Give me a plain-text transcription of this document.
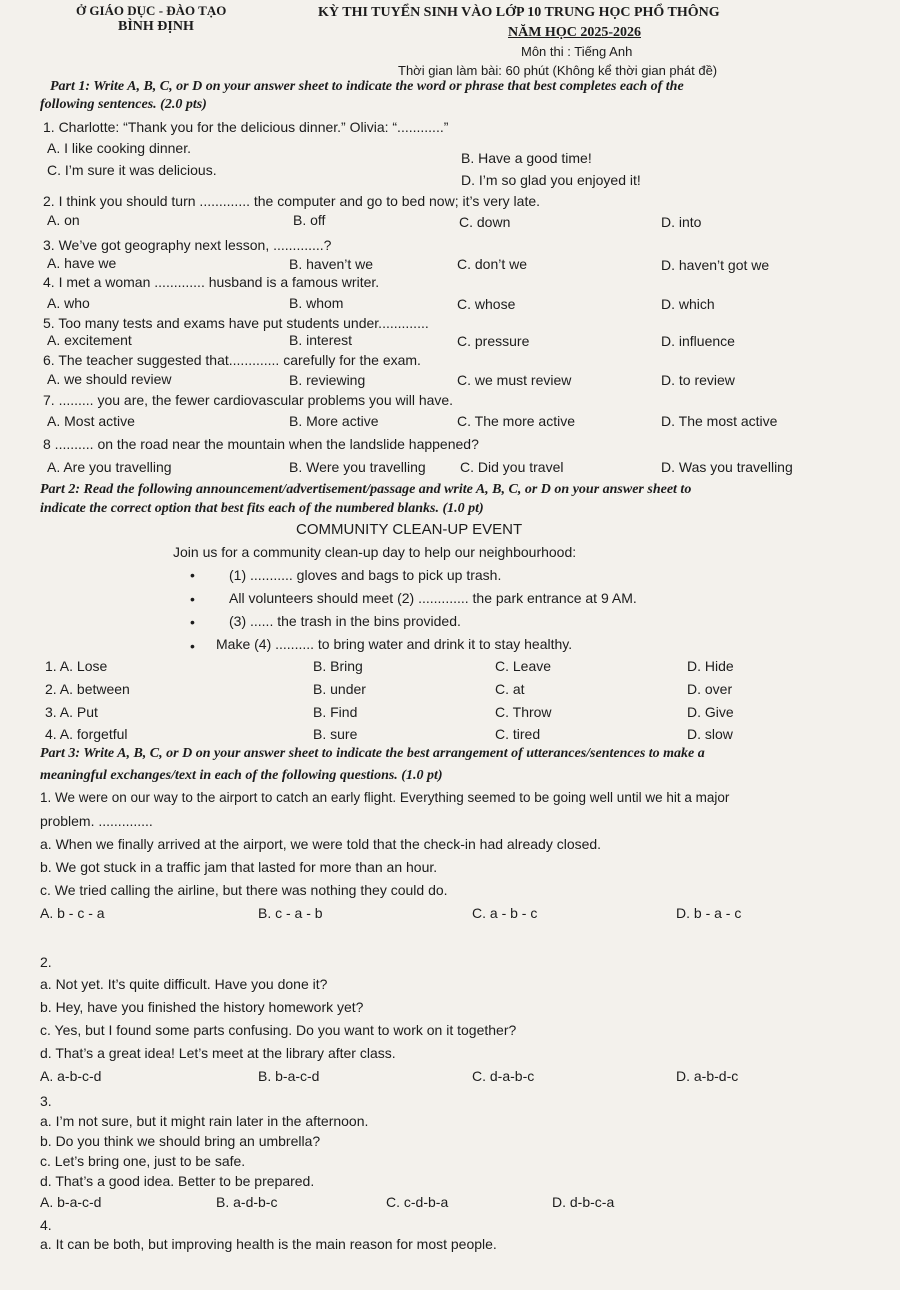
Ở GIÁO DỤC - ĐÀO TẠO
BÌNH ĐỊNH
KỲ THI TUYỂN SINH VÀO LỚP 10 TRUNG HỌC PHỔ THÔNG
NĂM HỌC 2025-2026
Môn thi : Tiếng Anh
Thời gian làm bài: 60 phút (Không kể thời gian phát đề)
Part 1: Write A, B, C, or D on your answer sheet to indicate the word or phrase that best completes each of the
following sentences. (2.0 pts)
1. Charlotte: “Thank you for the delicious dinner.” Olivia: “............”
A. I like cooking dinner.
B. Have a good time!
C. I’m sure it was delicious.
D. I’m so glad you enjoyed it!
2. I think you should turn ............. the computer and go to bed now; it’s very late.
A. on	B. off	C. down	D. into
3. We’ve got geography next lesson, .............?
A. have we	B. haven’t we	C. don’t we	D. haven’t got we
4. I met a woman ............. husband is a famous writer.
A. who	B. whom	C. whose	D. which
5. Too many tests and exams have put students under.............
A. excitement	B. interest	C. pressure	D. influence
6. The teacher suggested that............. carefully for the exam.
A. we should review	B. reviewing	C. we must review	D. to review
7. ......... you are, the fewer cardiovascular problems you will have.
A. Most active	B. More active	C. The more active	D. The most active
8 .......... on the road near the mountain when the landslide happened?
A. Are you travelling	B. Were you travelling C. Did you travel	D. Was you travelling
Part 2: Read the following announcement/advertisement/passage and write A, B, C, or D on your answer sheet to
indicate the correct option that best fits each of the numbered blanks. (1.0 pt)
COMMUNITY CLEAN-UP EVENT
Join us for a community clean-up day to help our neighbourhood:
• (1) ........... gloves and bags to pick up trash.
• All volunteers should meet (2) ............. the park entrance at 9 AM.
• (3) ...... the trash in the bins provided.
• Make (4) .......... to bring water and drink it to stay healthy.
1. A. Lose	B. Bring	C. Leave	D. Hide
2. A. between	B. under	C. at	D. over
3. A. Put	B. Find	C. Throw	D. Give
4. A. forgetful	B. sure	C. tired	D. slow
Part 3: Write A, B, C, or D on your answer sheet to indicate the best arrangement of utterances/sentences to make a
meaningful exchanges/text in each of the following questions. (1.0 pt)
1. We were on our way to the airport to catch an early flight. Everything seemed to be going well until we hit a major
problem. ..............
a. When we finally arrived at the airport, we were told that the check-in had already closed.
b. We got stuck in a traffic jam that lasted for more than an hour.
c. We tried calling the airline, but there was nothing they could do.
A. b - c - a	B. c - a - b	C. a - b - c	D. b - a - c
2.
a. Not yet. It’s quite difficult. Have you done it?
b. Hey, have you finished the history homework yet?
c. Yes, but I found some parts confusing. Do you want to work on it together?
d. That’s a great idea! Let’s meet at the library after class.
A. a-b-c-d	B. b-a-c-d	C. d-a-b-c	D. a-b-d-c
3.
a. I’m not sure, but it might rain later in the afternoon.
b. Do you think we should bring an umbrella?
c. Let’s bring one, just to be safe.
d. That’s a good idea. Better to be prepared.
A. b-a-c-d	B. a-d-b-c	C. c-d-b-a	D. d-b-c-a
4.
a. It can be both, but improving health is the main reason for most people.
